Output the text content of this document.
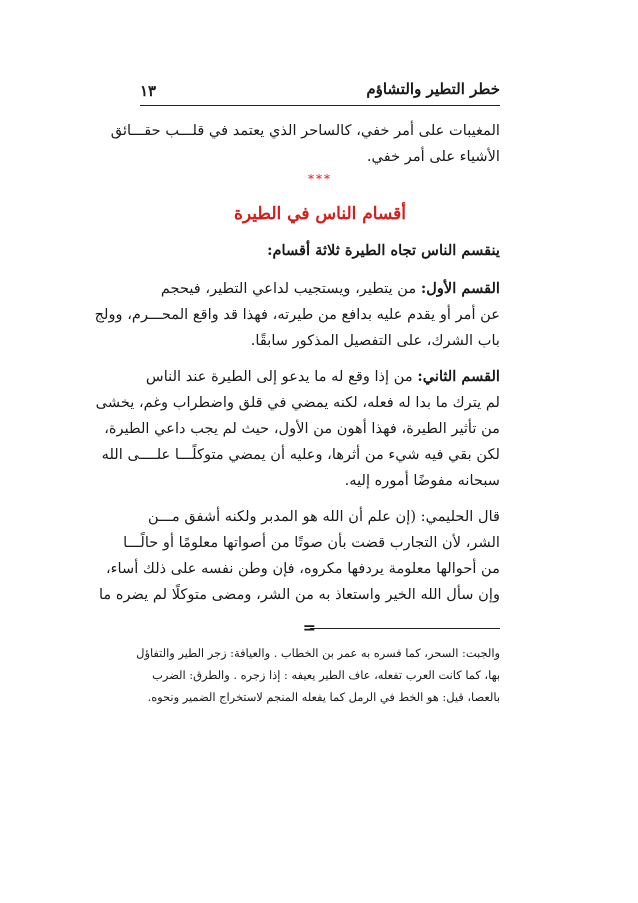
خطر التطير والتشاؤم
١٣
المغيبات على أمر خفي، كالساحر الذي يعتمد في قلـــب حقـــائق
الأشياء على أمر خفي.
***
أقسام الناس في الطيرة
ينقسم الناس تجاه الطيرة ثلاثة أقسام:
القسم الأول: من يتطير، ويستجيب لداعي التطير، فيحجم
عن أمر أو يقدم عليه بدافع من طيرته، فهذا قد واقع المحـــرم، وولج
باب الشرك، على التفصيل المذكور سابقًا.
القسم الثاني: من إذا وقع له ما يدعو إلى الطيرة عند الناس
لم يترك ما بدا له فعله، لكنه يمضي في قلق واضطراب وغم، يخشى
من تأثير الطيرة، فهذا أهون من الأول، حيث لم يجب داعي الطيرة،
لكن بقي فيه شيء من أثرها، وعليه أن يمضي متوكلًـــا علــــى الله
سبحانه مفوضًا أموره إليه.
قال الحليمي: (إن علم أن الله هو المدبر ولكنه أشفق مـــن
الشر، لأن التجارب قضت بأن صوتًا من أصواتها معلومًا أو حالًـــا
من أحوالها معلومة يردفها مكروه، فإن وطن نفسه على ذلك أساء،
وإن سأل الله الخير واستعاذ به من الشر، ومضى متوكلًا لم يضره ما
=
والجبت: السحر، كما فسره به عمر بن الخطاب . والعيافة: زجر الطير والتفاؤل
بها، كما كانت العرب تفعله، عاف الطير يعيفه : إذا زجره . والطرق: الضرب
بالعصا، قيل: هو الخط في الرمل كما يفعله المنجم لاستخراج الضمير ونحوه.
